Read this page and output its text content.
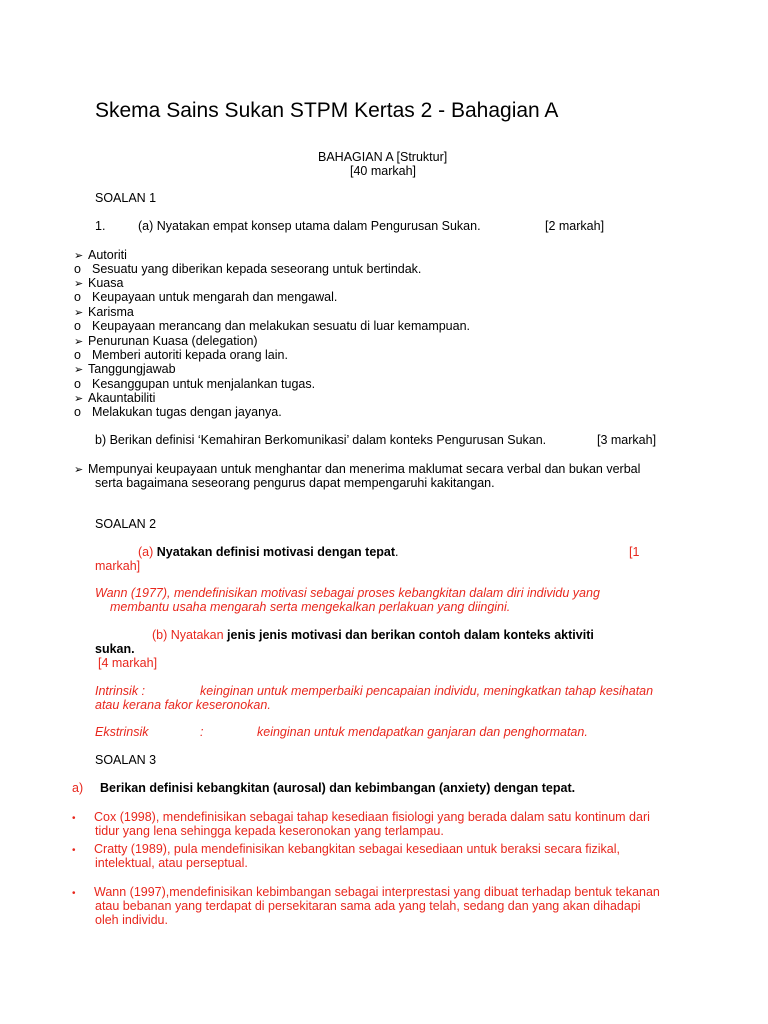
Skema Sains Sukan STPM Kertas 2 - Bahagian A
BAHAGIAN A [Struktur]
[40 markah]
SOALAN 1
1.	(a) Nyatakan empat konsep utama dalam Pengurusan Sukan.	[2 markah]
➢ Autoriti
o Sesuatu yang diberikan kepada seseorang untuk bertindak.
➢ Kuasa
o Keupayaan untuk mengarah dan mengawal.
➢ Karisma
o Keupayaan merancang dan melakukan sesuatu di luar kemampuan.
➢ Penurunan Kuasa (delegation)
o Memberi autoriti kepada orang lain.
➢ Tanggungjawab
o Kesanggupan untuk menjalankan tugas.
➢ Akauntabiliti
o Melakukan tugas dengan jayanya.
b) Berikan definisi ‘Kemahiran Berkomunikasi’ dalam konteks Pengurusan Sukan.	[3 markah]
➢ Mempunyai keupayaan untuk menghantar dan menerima maklumat secara verbal dan bukan verbal
serta bagaimana seseorang pengurus dapat mempengaruhi kakitangan.
SOALAN 2
(a) Nyatakan definisi motivasi dengan tepat.	[1
markah]
Wann (1977), mendefinisikan motivasi sebagai proses kebangkitan dalam diri individu yang
membantu usaha mengarah serta mengekalkan perlakuan yang diingini.
(b) Nyatakan jenis jenis motivasi dan berikan contoh dalam konteks aktiviti
sukan.
[4 markah]
Intrinsik :	keinginan untuk memperbaiki pencapaian individu, meningkatkan tahap kesihatan
atau kerana fakor keseronokan.
Ekstrinsik	:	keinginan untuk mendapatkan ganjaran dan penghormatan.
SOALAN 3
a) Berikan definisi kebangkitan (aurosal) dan kebimbangan (anxiety) dengan tepat.
• Cox (1998), mendefinisikan sebagai tahap kesediaan fisiologi yang berada dalam satu kontinum dari
tidur yang lena sehingga kepada keseronokan yang terlampau.
• Cratty (1989), pula mendefinisikan kebangkitan sebagai kesediaan untuk beraksi secara fizikal,
intelektual, atau perseptual.
• Wann (1997),mendefinisikan kebimbangan sebagai interprestasi yang dibuat terhadap bentuk tekanan
atau bebanan yang terdapat di persekitaran sama ada yang telah, sedang dan yang akan dihadapi
oleh individu.
